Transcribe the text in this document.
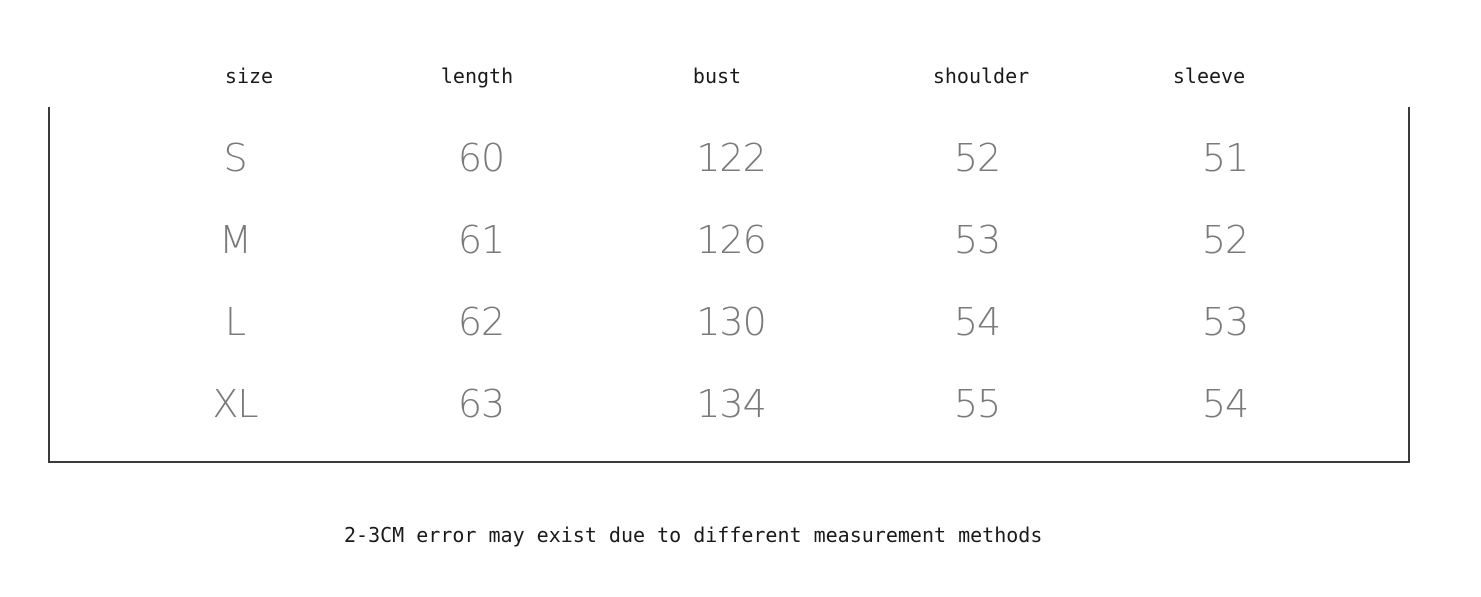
size	length	bust	shoulder	sleeve
S	60	122	52	51
M	61	126	53	52
L	62	130	54	53
XL	63	134	55	54
2-3CM error may exist due to different measurement methods
